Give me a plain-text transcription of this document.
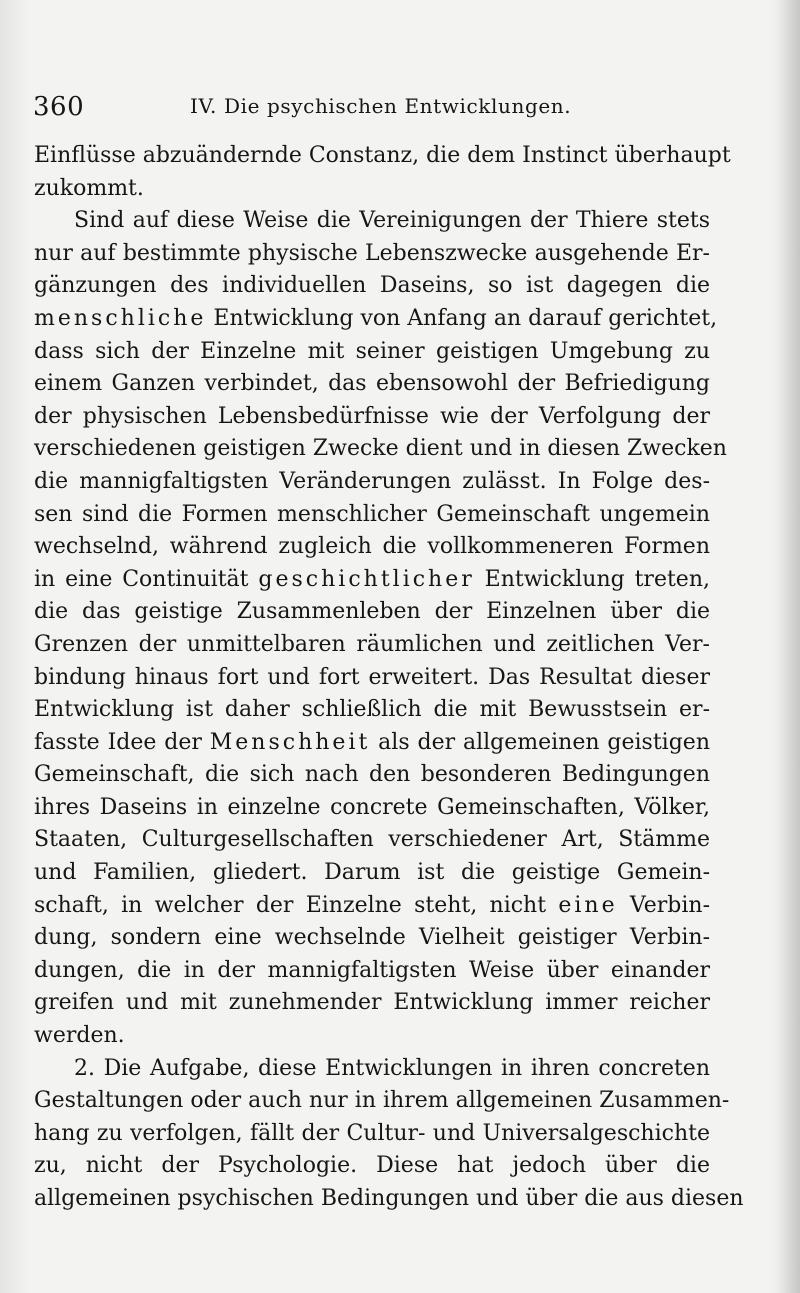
360	IV. Die psychischen Entwicklungen.
Einflüsse abzuändernde Constanz, die dem Instinct überhaupt
zukommt.
Sind auf diese Weise die Vereinigungen der Thiere stets
nur auf bestimmte physische Lebenszwecke ausgehende Er-
gänzungen des individuellen Daseins, so ist dagegen die
menschliche Entwicklung von Anfang an darauf gerichtet,
dass sich der Einzelne mit seiner geistigen Umgebung zu
einem Ganzen verbindet, das ebensowohl der Befriedigung
der physischen Lebensbedürfnisse wie der Verfolgung der
verschiedenen geistigen Zwecke dient und in diesen Zwecken
die mannigfaltigsten Veränderungen zulässt. In Folge des-
sen sind die Formen menschlicher Gemeinschaft ungemein
wechselnd, während zugleich die vollkommeneren Formen
in eine Continuität geschichtlicher Entwicklung treten,
die das geistige Zusammenleben der Einzelnen über die
Grenzen der unmittelbaren räumlichen und zeitlichen Ver-
bindung hinaus fort und fort erweitert. Das Resultat dieser
Entwicklung ist daher schließlich die mit Bewusstsein er-
fasste Idee der Menschheit als der allgemeinen geistigen
Gemeinschaft, die sich nach den besonderen Bedingungen
ihres Daseins in einzelne concrete Gemeinschaften, Völker,
Staaten, Culturgesellschaften verschiedener Art, Stämme
und Familien, gliedert. Darum ist die geistige Gemein-
schaft, in welcher der Einzelne steht, nicht eine Verbin-
dung, sondern eine wechselnde Vielheit geistiger Verbin-
dungen, die in der mannigfaltigsten Weise über einander
greifen und mit zunehmender Entwicklung immer reicher
werden.
2. Die Aufgabe, diese Entwicklungen in ihren concreten
Gestaltungen oder auch nur in ihrem allgemeinen Zusammen-
hang zu verfolgen, fällt der Cultur- und Universalgeschichte
zu, nicht der Psychologie. Diese hat jedoch über die
allgemeinen psychischen Bedingungen und über die aus diesen
